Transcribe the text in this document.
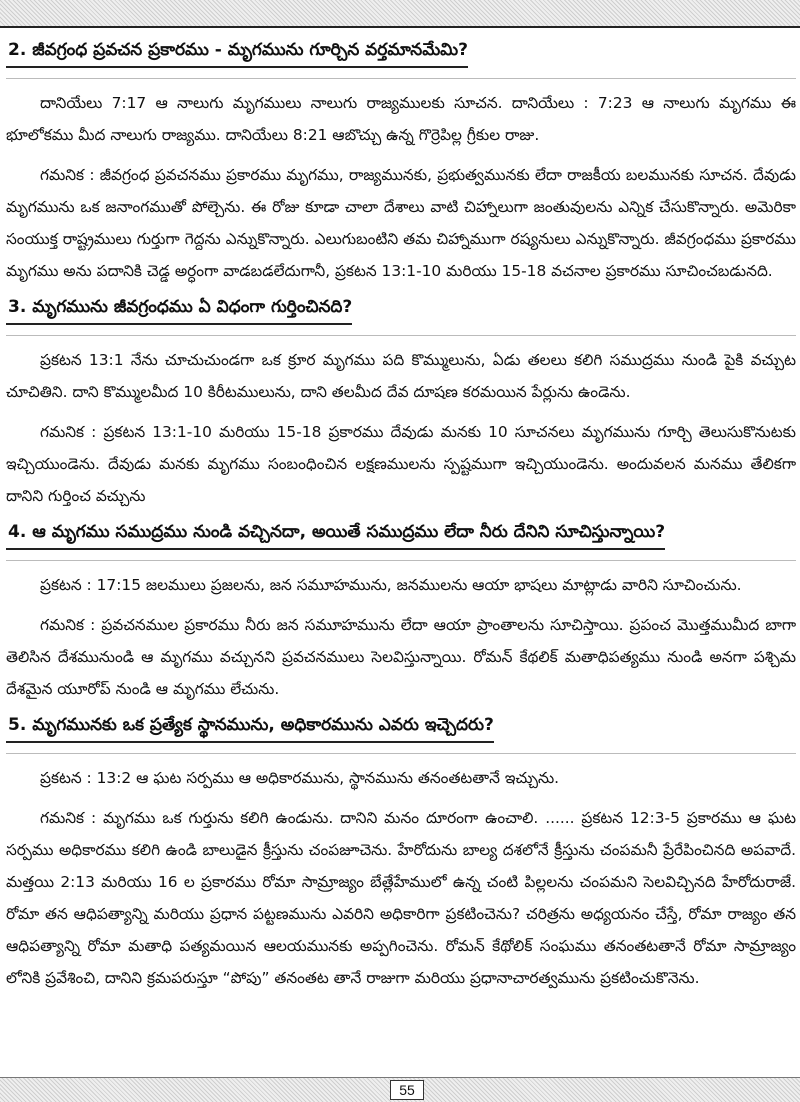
2. జీవగ్రంధ ప్రవచన ప్రకారము - మృగమును గూర్చిన వర్తమానమేమి?

దానియేలు 7:17 ఆ నాలుగు మృగములు నాలుగు రాజ్యములకు సూచన. దానియేలు : 7:23 ఆ నాలుగు మృగము ఈ భూలోకము మీద నాలుగు రాజ్యము. దానియేలు 8:21 ఆబొచ్చు ఉన్న గొర్రెపిల్ల గ్రీకుల రాజు.

గమనిక : జీవగ్రంధ ప్రవచనము ప్రకారము మృగము, రాజ్యమునకు, ప్రభుత్వమునకు లేదా రాజకీయ బలమునకు సూచన. దేవుడు మృగమును ఒక జనాంగముతో పోల్చెను. ఈ రోజు కూడా చాలా దేశాలు వాటి చిహ్నాలుగా జంతువులను ఎన్నిక చేసుకొన్నారు. అమెరికా సంయుక్త రాష్ట్రములు గుర్తుగా గెద్దను ఎన్నుకొన్నారు. ఎలుగుబంటిని తమ చిహ్నాముగా రష్యనులు ఎన్నుకొన్నారు. జీవగ్రంధము ప్రకారము మృగము అను పదానికి చెడ్డ అర్ధంగా వాడబడలేదుగానీ, ప్రకటన 13:1-10 మరియు 15-18 వచనాల ప్రకారము సూచించబడునది.

3. మృగమును జీవగ్రంధము ఏ విధంగా గుర్తించినది?

ప్రకటన 13:1 నేను చూచుచుండగా ఒక క్రూర మృగము పది కొమ్ములును, ఏడు తలలు కలిగి సముద్రము నుండి పైకి వచ్చుట చూచితిని. దాని కొమ్ములమీద 10 కిరీటములును, దాని తలమీద దేవ దూషణ కరమయిన పేర్లును ఉండెను.

గమనిక : ప్రకటన 13:1-10 మరియు 15-18 ప్రకారము దేవుడు మనకు 10 సూచనలు మృగమును గూర్చి తెలుసుకొనుటకు ఇచ్చియుండెను. దేవుడు మనకు మృగము సంబంధించిన లక్షణములను స్పష్టముగా ఇచ్చియుండెను. అందువలన మనము తేలికగా దానిని గుర్తించ వచ్చును

4. ఆ మృగము సముద్రము నుండి వచ్చినదా, అయితే సముద్రము లేదా నీరు దేనిని సూచిస్తున్నాయి?

ప్రకటన : 17:15 జలములు ప్రజలను, జన సమూహమును, జనములను ఆయా భాషలు మాట్లాడు వారిని సూచించును.

గమనిక : ప్రవచనముల ప్రకారము నీరు జన సమూహమును లేదా ఆయా ప్రాంతాలను సూచిస్తాయి. ప్రపంచ మొత్తముమీద బాగా తెలిసిన దేశమునుండి ఆ మృగము వచ్చునని ప్రవచనములు సెలవిస్తున్నాయి. రోమన్ కేథలిక్ మతాధిపత్యము నుండి అనగా పశ్చిమ దేశమైన యూరోప్ నుండి ఆ మృగము లేచును.

5. మృగమునకు ఒక ప్రత్యేక స్థానమును, అధికారమును ఎవరు ఇచ్చెదరు?

ప్రకటన : 13:2 ఆ ఘట సర్పము ఆ అధికారమును, స్థానమును తనంతటతానే ఇచ్చును.

గమనిక : మృగము ఒక గుర్తును కలిగి ఉండును. దానిని మనం దూరంగా ఉంచాలి. ...... ప్రకటన 12:3-5 ప్రకారము ఆ ఘట సర్పము అధికారము కలిగి ఉండి బాలుడైన క్రీస్తును చంపజూచెను. హేరోదును బాల్య దశలోనే క్రీస్తును చంపమనీ ప్రేరేపించినది అపవాదే. మత్తయి 2:13 మరియు 16 ల ప్రకారము రోమా సామ్రాజ్యం బేత్లేహేములో ఉన్న చంటి పిల్లలను చంపమని సెలవిచ్చినది హేరోదురాజే. రోమా తన ఆధిపత్యాన్ని మరియు ప్రధాన పట్టణమును ఎవరిని అధికారిగా ప్రకటించెను? చరిత్రను అధ్యయనం చేస్తే, రోమా రాజ్యం తన ఆధిపత్యాన్ని రోమా మతాధి పత్యమయిన ఆలయమునకు అప్పగించెను. రోమన్ కేథోలిక్ సంఘము తనంతటతానే రోమా సామ్రాజ్యం లోనికి ప్రవేశించి, దానిని క్రమపరుస్తూ “పోపు” తనంతట తానే రాజుగా మరియు ప్రధానాచారత్వమును ప్రకటించుకొనెను.

55
